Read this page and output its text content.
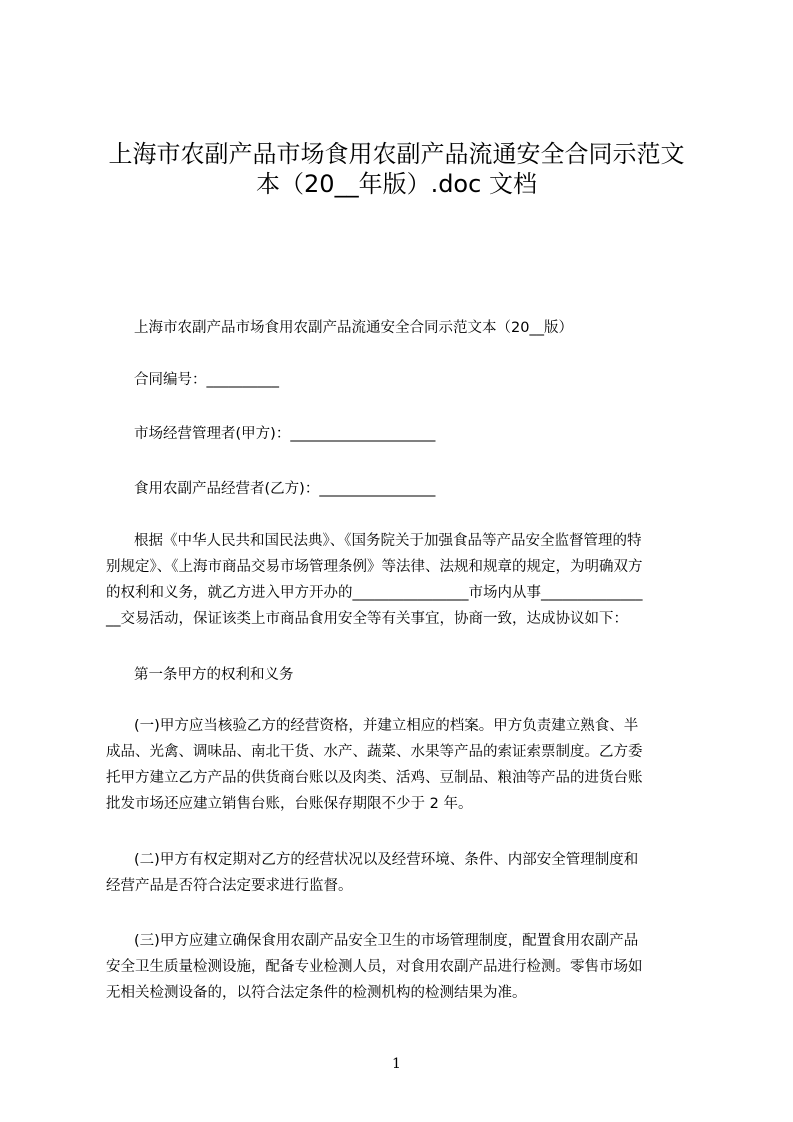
上海市农副产品市场食用农副产品流通安全合同示范文
本（20__年版）.doc 文档
上海市农副产品市场食用农副产品流通安全合同示范文本（20__版）
合同编号：__________
市场经营管理者(甲方)：____________________
食用农副产品经营者(乙方)：________________
根据《中华人民共和国民法典》、《国务院关于加强食品等产品安全监督管理的特
别规定》、《上海市商品交易市场管理条例》等法律、法规和规章的规定，为明确双方
的权利和义务，就乙方进入甲方开办的________________市场内从事______________
__交易活动，保证该类上市商品食用安全等有关事宜，协商一致，达成协议如下：
第一条甲方的权利和义务
(一)甲方应当核验乙方的经营资格，并建立相应的档案。甲方负责建立熟食、半
成品、光禽、调味品、南北干货、水产、蔬菜、水果等产品的索证索票制度。乙方委
托甲方建立乙方产品的供货商台账以及肉类、活鸡、豆制品、粮油等产品的进货台账
批发市场还应建立销售台账，台账保存期限不少于 2 年。
(二)甲方有权定期对乙方的经营状况以及经营环境、条件、内部安全管理制度和
经营产品是否符合法定要求进行监督。
(三)甲方应建立确保食用农副产品安全卫生的市场管理制度，配置食用农副产品
安全卫生质量检测设施，配备专业检测人员，对食用农副产品进行检测。零售市场如
无相关检测设备的，以符合法定条件的检测机构的检测结果为准。
1
